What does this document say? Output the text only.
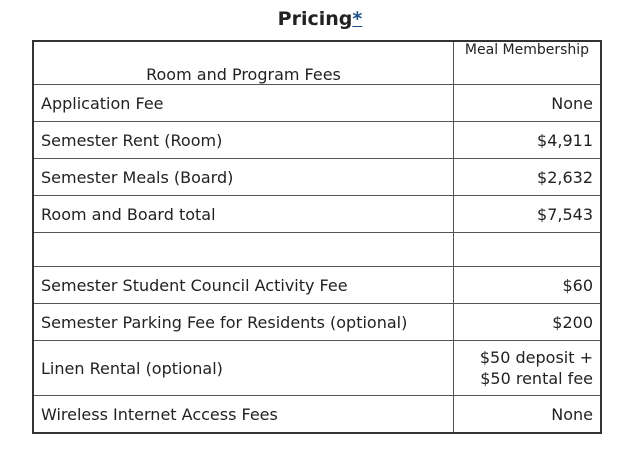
Pricing*
Room and Program Fees	Meal Membership
Application Fee	None
Semester Rent (Room)	$4,911
Semester Meals (Board)	$2,632
Room and Board total	$7,543

Semester Student Council Activity Fee	$60
Semester Parking Fee for Residents (optional)	$200
Linen Rental (optional)	$50 deposit +
$50 rental fee

Wireless Internet Access Fees	None
